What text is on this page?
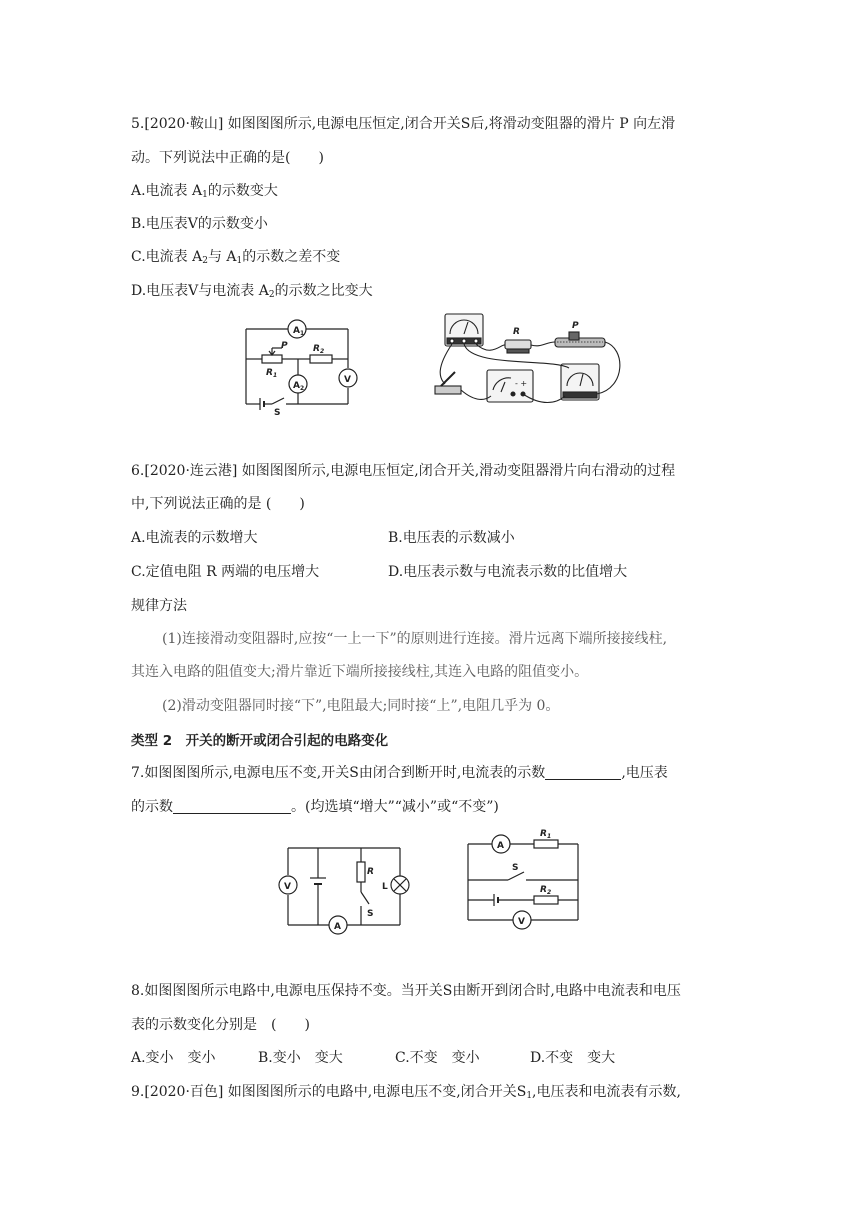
5.[2020·鞍山] 如图图图所示,电源电压恒定,闭合开关S后,将滑动变阻器的滑片 P 向左滑
动。下列说法中正确的是(　　)
A.电流表 $A_1$的示数变大
B.电压表V的示数变小
C.电流表 $A_2$与 $A_1$的示数之差不变
D.电压表V与电流表 $A_2$的示数之比变大
$A_1$
P	$R_2$
$R_1$
$A_2$
V
S
R
P
- +
6.[2020·连云港] 如图图图所示,电源电压恒定,闭合开关,滑动变阻器滑片向右滑动的过程
中,下列说法正确的是 (　　)
A.电流表的示数增大	B.电压表的示数减小
C.定值电阻 R 两端的电压增大	D.电压表示数与电流表示数的比值增大
规律方法
(1)连接滑动变阻器时,应按“一上一下”的原则进行连接。滑片远离下端所接接线柱,
其连入电路的阻值变大;滑片靠近下端所接接线柱,其连入电路的阻值变小。
(2)滑动变阻器同时接“下”,电阻最大;同时接“上”,电阻几乎为 0。
类型 2　开关的断开或闭合引起的电路变化
7.如图图图所示,电源电压不变,开关S由闭合到断开时,电流表的示数	,电压表
的示数	。(均选填“增大”“减小”或“不变”)
V
A
R
S
L
A
$R_1$
S
$R_2$
V
8.如图图图所示电路中,电源电压保持不变。当开关S由断开到闭合时,电路中电流表和电压
表的示数变化分别是　(　　)
A.变小　变小	B.变小　变大	C.不变　变小	D.不变　变大
9.[2020·百色] 如图图图所示的电路中,电源电压不变,闭合开关$S_1$,电压表和电流表有示数,
